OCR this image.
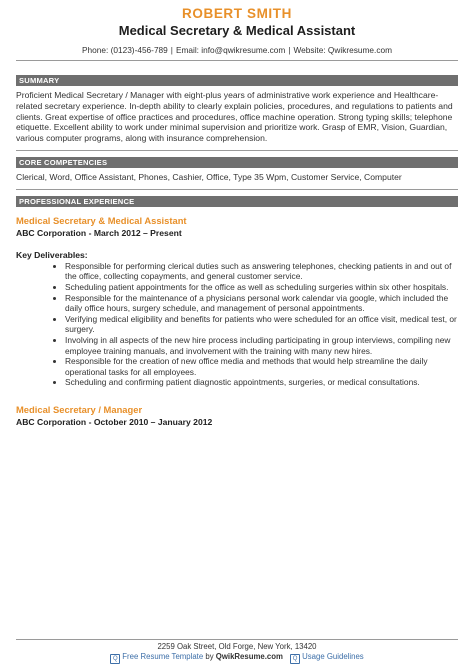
ROBERT SMITH
Medical Secretary & Medical Assistant
Phone: (0123)-456-789 | Email: info@qwikresume.com | Website: Qwikresume.com
SUMMARY
Proficient Medical Secretary / Manager with eight-plus years of administrative work experience and Healthcare-related secretary experience. In-depth ability to clearly explain policies, procedures, and regulations to patients and clients. Great expertise of office practices and procedures, office machine operation. Strong typing skills; telephone etiquette. Excellent ability to work under minimal supervision and prioritize work. Grasp of EMR, Vision, Guardian, various computer programs, along with insurance comprehension.
CORE COMPETENCIES
Clerical, Word, Office Assistant, Phones, Cashier, Office, Type 35 Wpm, Customer Service, Computer
PROFESSIONAL EXPERIENCE
Medical Secretary & Medical Assistant
ABC Corporation - March 2012 – Present
Key Deliverables:
• Responsible for performing clerical duties such as answering telephones, checking patients in and out of the office, collecting copayments, and general customer service.
• Scheduling patient appointments for the office as well as scheduling surgeries within six other hospitals.
• Responsible for the maintenance of a physicians personal work calendar via google, which included the daily office hours, surgery schedule, and management of personal appointments.
• Verifying medical eligibility and benefits for patients who were scheduled for an office visit, medical test, or surgery.
• Involving in all aspects of the new hire process including participating in group interviews, compiling new employee training manuals, and involvement with the training with many new hires.
• Responsible for the creation of new office media and methods that would help streamline the daily operational tasks for all employees.
• Scheduling and confirming patient diagnostic appointments, surgeries, or medical consultations.
Medical Secretary / Manager
ABC Corporation - October 2010 – January 2012
2259 Oak Street, Old Forge, New York, 13420
Q Free Resume Template by QwikResume.com Q Usage Guidelines
